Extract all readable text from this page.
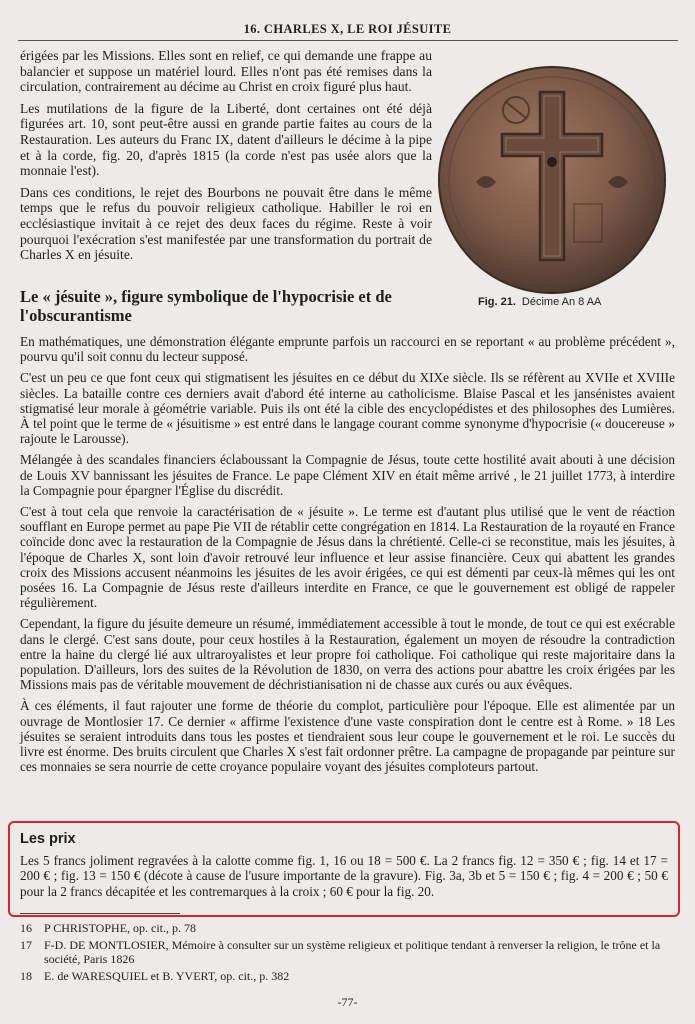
16. CHARLES X, LE ROI JÉSUITE

érigées par les Missions. Elles sont en relief, ce qui demande une frappe au balancier et suppose un matériel lourd. Elles n'ont pas été remises dans la circulation, contrairement au décime au Christ en croix figuré plus haut.

Les mutilations de la figure de la Liberté, dont certaines ont été déjà figurées art. 10, sont peut-être aussi en grande partie faites au cours de la Restauration. Les auteurs du Franc IX, datent d'ailleurs le décime à la pipe et à la corde, fig. 20, d'après 1815 (la corde n'est pas usée alors que la monnaie l'est).

Dans ces conditions, le rejet des Bourbons ne pouvait être dans le même temps que le refus du pouvoir religieux catholique. Habiller le roi en ecclésiastique invitait à ce rejet des deux faces du régime. Reste à voir pourquoi l'exécration s'est manifestée par une transformation du portrait de Charles X en jésuite.

Fig. 21. Décime An 8 AA
Le « jésuite », figure symbolique de l'hypocrisie et de l'obscurantisme

En mathématiques, une démonstration élégante emprunte parfois un raccourci en se reportant « au problème précédent », pourvu qu'il soit connu du lecteur supposé.

C'est un peu ce que font ceux qui stigmatisent les jésuites en ce début du XIXe siècle. Ils se réfèrent au XVIIe et XVIIIe siècles. La bataille contre ces derniers avait d'abord été interne au catholicisme. Blaise Pascal et les jansénistes avaient stigmatisé leur morale à géométrie variable. Puis ils ont été la cible des encyclopédistes et des philosophes des Lumières. À tel point que le terme de « jésuitisme » est entré dans le langage courant comme synonyme d'hypocrisie (« doucereuse » rajoute le Larousse).

Mélangée à des scandales financiers éclaboussant la Compagnie de Jésus, toute cette hostilité avait abouti à une décision de Louis XV bannissant les jésuites de France. Le pape Clément XIV en était même arrivé , le 21 juillet 1773, à interdire la Compagnie pour épargner l'Église du discrédit.

C'est à tout cela que renvoie la caractérisation de « jésuite ». Le terme est d'autant plus utilisé que le vent de réaction soufflant en Europe permet au pape Pie VII de rétablir cette congrégation en 1814. La Restauration de la royauté en France coïncide donc avec la restauration de la Compagnie de Jésus dans la chrétienté. Celle-ci se reconstitue, mais les jésuites, à l'époque de Charles X, sont loin d'avoir retrouvé leur influence et leur assise financière. Ceux qui abattent les grandes croix des Missions accusent néanmoins les jésuites de les avoir érigées, ce qui est démenti par ceux-là mêmes qui les ont posées 16. La Compagnie de Jésus reste d'ailleurs interdite en France, ce que le gouvernement est obligé de rappeler régulièrement.

Cependant, la figure du jésuite demeure un résumé, immédiatement accessible à tout le monde, de tout ce qui est exécrable dans le clergé. C'est sans doute, pour ceux hostiles à la Restauration, également un moyen de résoudre la contradiction entre la haine du clergé lié aux ultraroyalistes et leur propre foi catholique. Foi catholique qui reste majoritaire dans la population. D'ailleurs, lors des suites de la Révolution de 1830, on verra des actions pour abattre les croix érigées par les Missions mais pas de véritable mouvement de déchristianisation ni de chasse aux curés ou aux évêques.

À ces éléments, il faut rajouter une forme de théorie du complot, particulière pour l'époque. Elle est alimentée par un ouvrage de Montlosier 17. Ce dernier « affirme l'existence d'une vaste conspiration dont le centre est à Rome. » 18 Les jésuites se seraient introduits dans tous les postes et tiendraient sous leur coupe le gouvernement et le roi. Le succès du livre est énorme. Des bruits circulent que Charles X s'est fait ordonner prêtre. La campagne de propagande par peinture sur ces monnaies se sera nourrie de cette croyance populaire voyant des jésuites comploteurs partout.

Les prix

Les 5 francs joliment regravées à la calotte comme fig. 1, 16 ou 18 = 500 €. La 2 francs fig. 12 = 350 € ; fig. 14 et 17 = 200 € ; fig. 13 = 150 € (décote à cause de l'usure importante de la gravure). Fig. 3a, 3b et 5 = 150 € ; fig. 4 = 200 € ; 50 € pour la 2 francs décapitée et les contremarques à la croix ; 60 € pour la fig. 20.

16	P CHRISTOPHE, op. cit., p. 78
17	F-D. DE MONTLOSIER, Mémoire à consulter sur un système religieux et politique tendant à renverser la religion, le trône et la société, Paris 1826
18	E. de WARESQUIEL et B. YVERT, op. cit., p. 382
-77-
